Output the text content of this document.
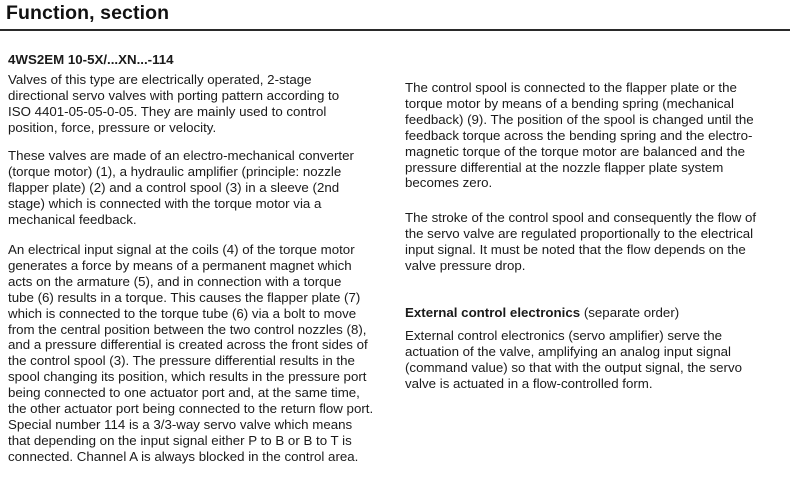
Function, section
4WS2EM 10-5X/...XN...-114
Valves of this type are electrically operated, 2-stage
directional servo valves with porting pattern according to
ISO 4401-05-05-0-05. They are mainly used to control
position, force, pressure or velocity.
These valves are made of an electro-mechanical converter
(torque motor) (1), a hydraulic amplifier (principle: nozzle
flapper plate) (2) and a control spool (3) in a sleeve (2nd
stage) which is connected with the torque motor via a
mechanical feedback.
An electrical input signal at the coils (4) of the torque motor
generates a force by means of a permanent magnet which
acts on the armature (5), and in connection with a torque
tube (6) results in a torque. This causes the flapper plate (7)
which is connected to the torque tube (6) via a bolt to move
from the central position between the two control nozzles (8),
and a pressure differential is created across the front sides of
the control spool (3). The pressure differential results in the
spool changing its position, which results in the pressure port
being connected to one actuator port and, at the same time,
the other actuator port being connected to the return flow port.
Special number 114 is a 3/3-way servo valve which means
that depending on the input signal either P to B or B to T is
connected. Channel A is always blocked in the control area.
The control spool is connected to the flapper plate or the
torque motor by means of a bending spring (mechanical
feedback) (9). The position of the spool is changed until the
feedback torque across the bending spring and the electro-
magnetic torque of the torque motor are balanced and the
pressure differential at the nozzle flapper plate system
becomes zero.
The stroke of the control spool and consequently the flow of
the servo valve are regulated proportionally to the electrical
input signal. It must be noted that the flow depends on the
valve pressure drop.
External control electronics (separate order)
External control electronics (servo amplifier) serve the
actuation of the valve, amplifying an analog input signal
(command value) so that with the output signal, the servo
valve is actuated in a flow-controlled form.
